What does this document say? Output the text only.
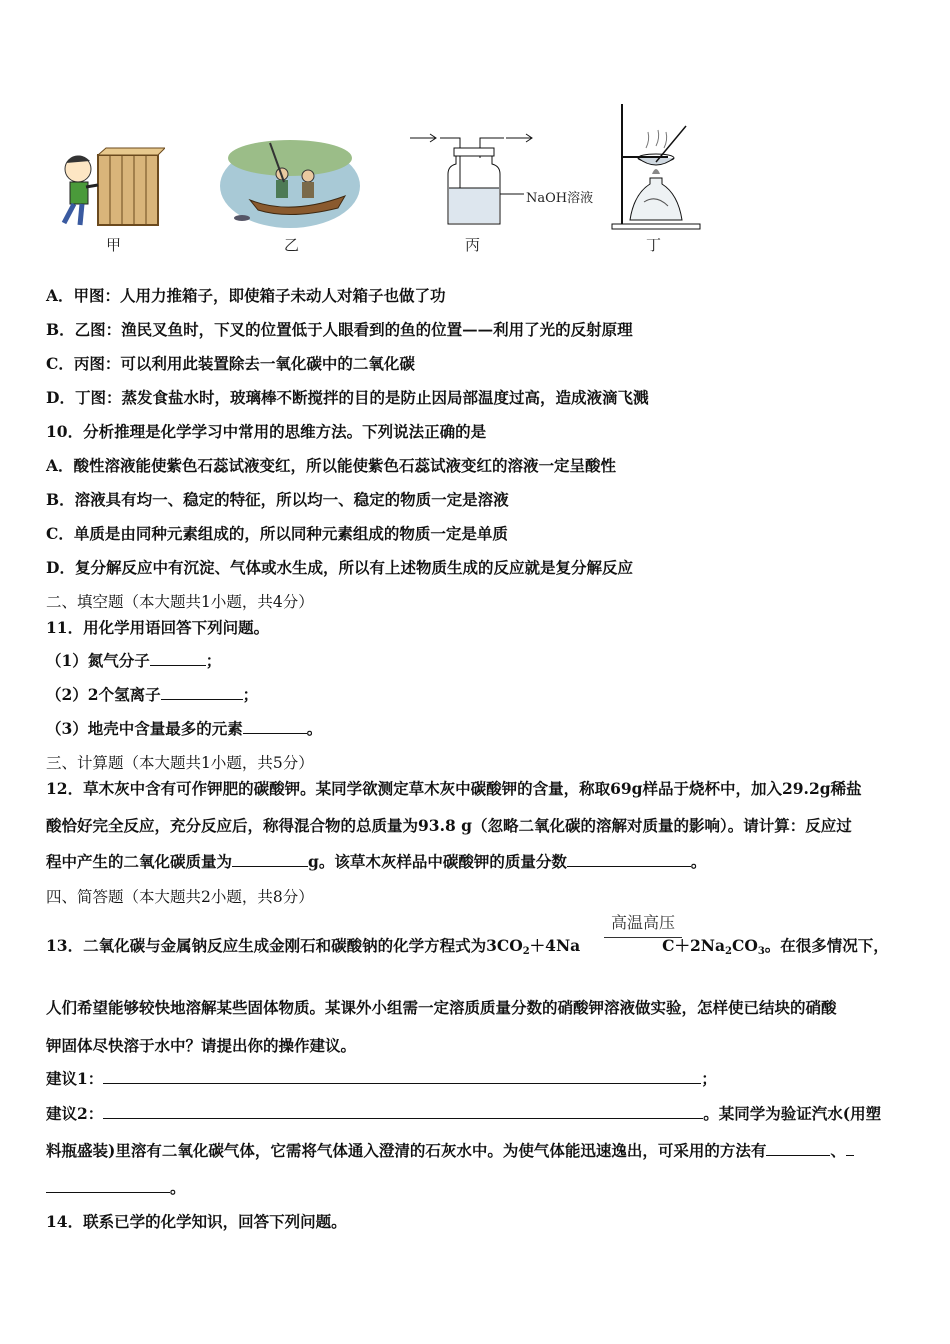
甲	乙
NaOH溶液
丙	丁
A．甲图：人用力推箱子，即使箱子未动人对箱子也做了功
B．乙图：渔民叉鱼时，下叉的位置低于人眼看到的鱼的位置——利用了光的反射原理
C．丙图：可以利用此装置除去一氧化碳中的二氧化碳
D．丁图：蒸发食盐水时，玻璃棒不断搅拌的目的是防止因局部温度过高，造成液滴飞溅
10．分析推理是化学学习中常用的思维方法。下列说法正确的是
A．酸性溶液能使紫色石蕊试液变红，所以能使紫色石蕊试液变红的溶液一定呈酸性
B．溶液具有均一、稳定的特征，所以均一、稳定的物质一定是溶液
C．单质是由同种元素组成的，所以同种元素组成的物质一定是单质
D．复分解反应中有沉淀、气体或水生成，所以有上述物质生成的反应就是复分解反应
二、填空题（本大题共1小题，共4分）
11．用化学用语回答下列问题。
（1）氮气分子	；
（2）2个氢离子	；
（3）地壳中含量最多的元素	。
三、计算题（本大题共1小题，共5分）
12．草木灰中含有可作钾肥的碳酸钾。某同学欲测定草木灰中碳酸钾的含量，称取69g样品于烧杯中，加入29.2g稀盐
酸恰好完全反应，充分反应后，称得混合物的总质量为93.8 g（忽略二氧化碳的溶解对质量的影响）。请计算：反应过
程中产生的二氧化碳质量为	g。该草木灰样品中碳酸钾的质量分数	。
四、简答题（本大题共2小题，共8分）
13．二氧化碳与金属钠反应生成金刚石和碳酸钠的化学方程式为$3CO_2+4Na$	$C+2Na_2CO_3$。在很多情况下，
高温高压
人们希望能够较快地溶解某些固体物质。某课外小组需一定溶质质量分数的硝酸钾溶液做实验，怎样使已结块的硝酸
钾固体尽快溶于水中？请提出你的操作建议。
建议1：	；
建议2：	。某同学为验证汽水(用塑
料瓶盛装)里溶有二氧化碳气体，它需将气体通入澄清的石灰水中。为使气体能迅速逸出，可采用的方法有	、
。
14．联系已学的化学知识，回答下列问题。
